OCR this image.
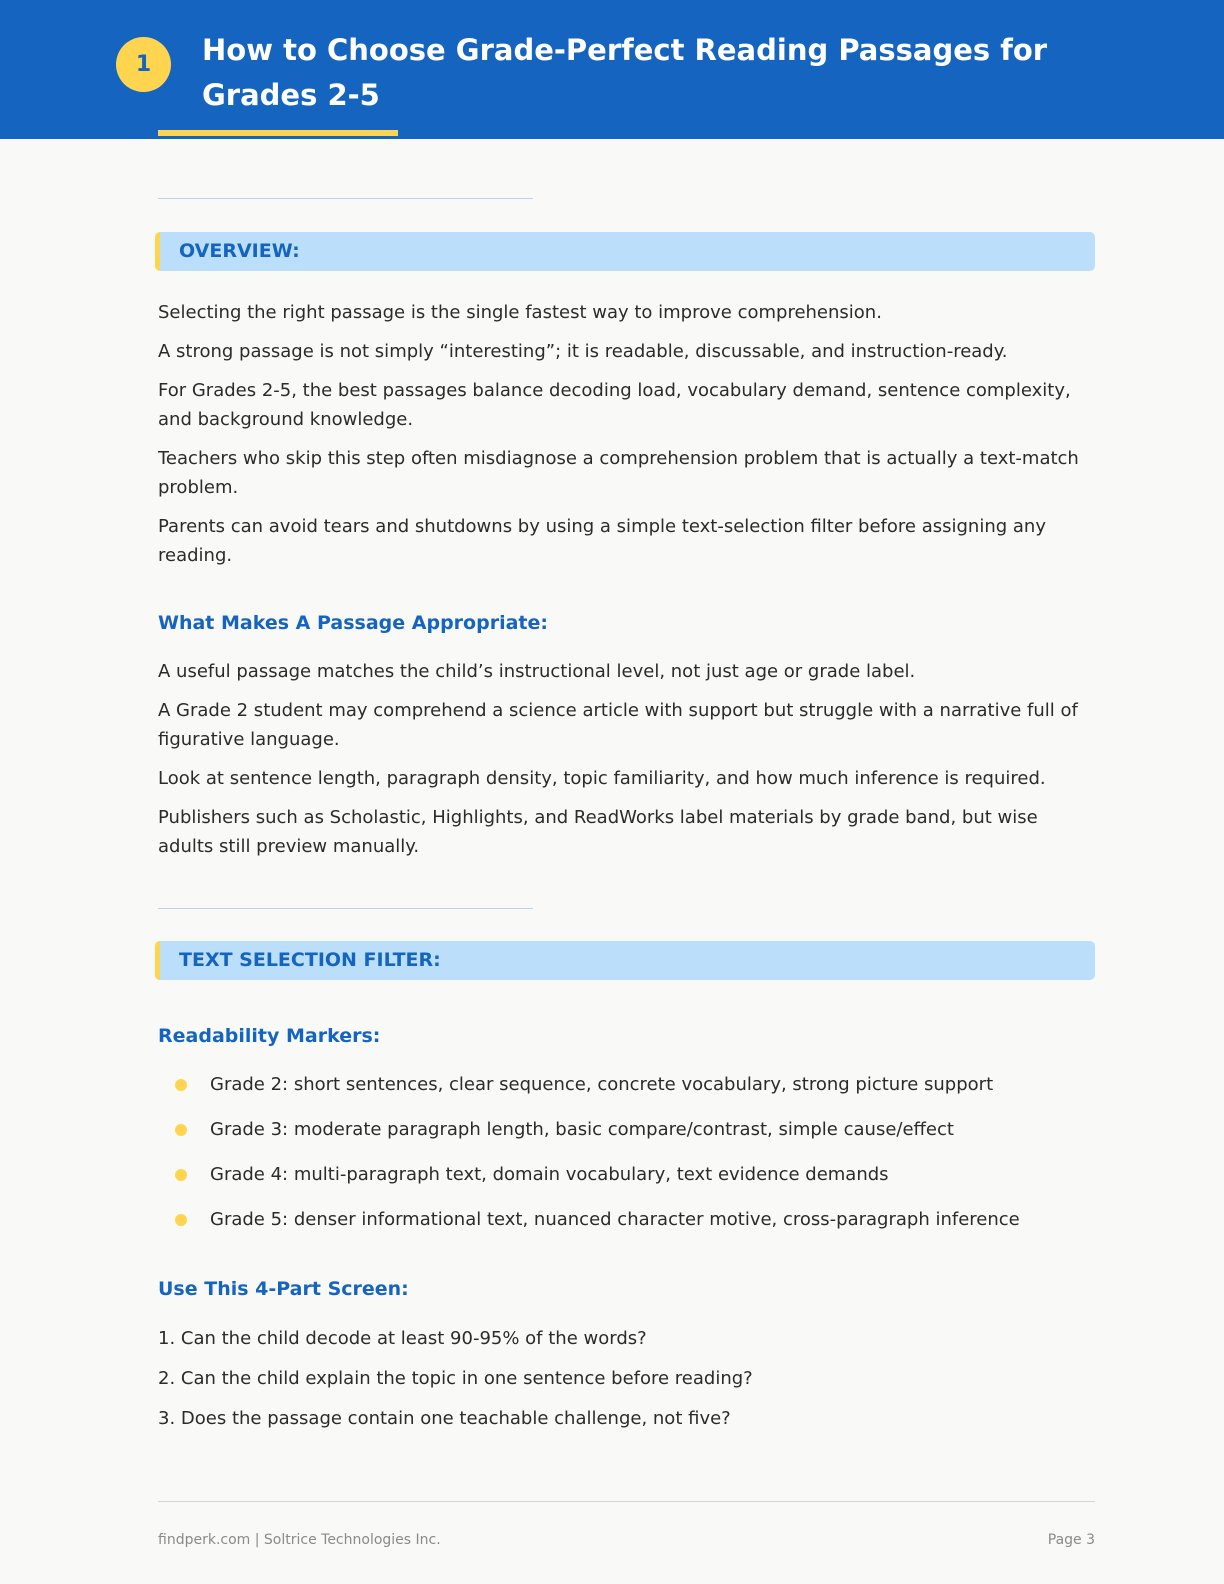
1	How to Choose Grade-Perfect Reading Passages for Grades 2-5
OVERVIEW:

Selecting the right passage is the single fastest way to improve comprehension.

A strong passage is not simply “interesting”; it is readable, discussable, and instruction-ready.

For Grades 2-5, the best passages balance decoding load, vocabulary demand, sentence complexity, and background knowledge.

Teachers who skip this step often misdiagnose a comprehension problem that is actually a text-match problem.

Parents can avoid tears and shutdowns by using a simple text-selection filter before assigning any reading.

What Makes A Passage Appropriate:

A useful passage matches the child’s instructional level, not just age or grade label.

A Grade 2 student may comprehend a science article with support but struggle with a narrative full of figurative language.

Look at sentence length, paragraph density, topic familiarity, and how much inference is required.

Publishers such as Scholastic, Highlights, and ReadWorks label materials by grade band, but wise adults still preview manually.

TEXT SELECTION FILTER:
Readability Markers:
Grade 2: short sentences, clear sequence, concrete vocabulary, strong picture support
Grade 3: moderate paragraph length, basic compare/contrast, simple cause/effect
Grade 4: multi-paragraph text, domain vocabulary, text evidence demands
Grade 5: denser informational text, nuanced character motive, cross-paragraph inference
Use This 4-Part Screen:
1. Can the child decode at least 90-95% of the words?
2. Can the child explain the topic in one sentence before reading?
3. Does the passage contain one teachable challenge, not five?
findperk.com | Soltrice Technologies Inc.	Page 3
